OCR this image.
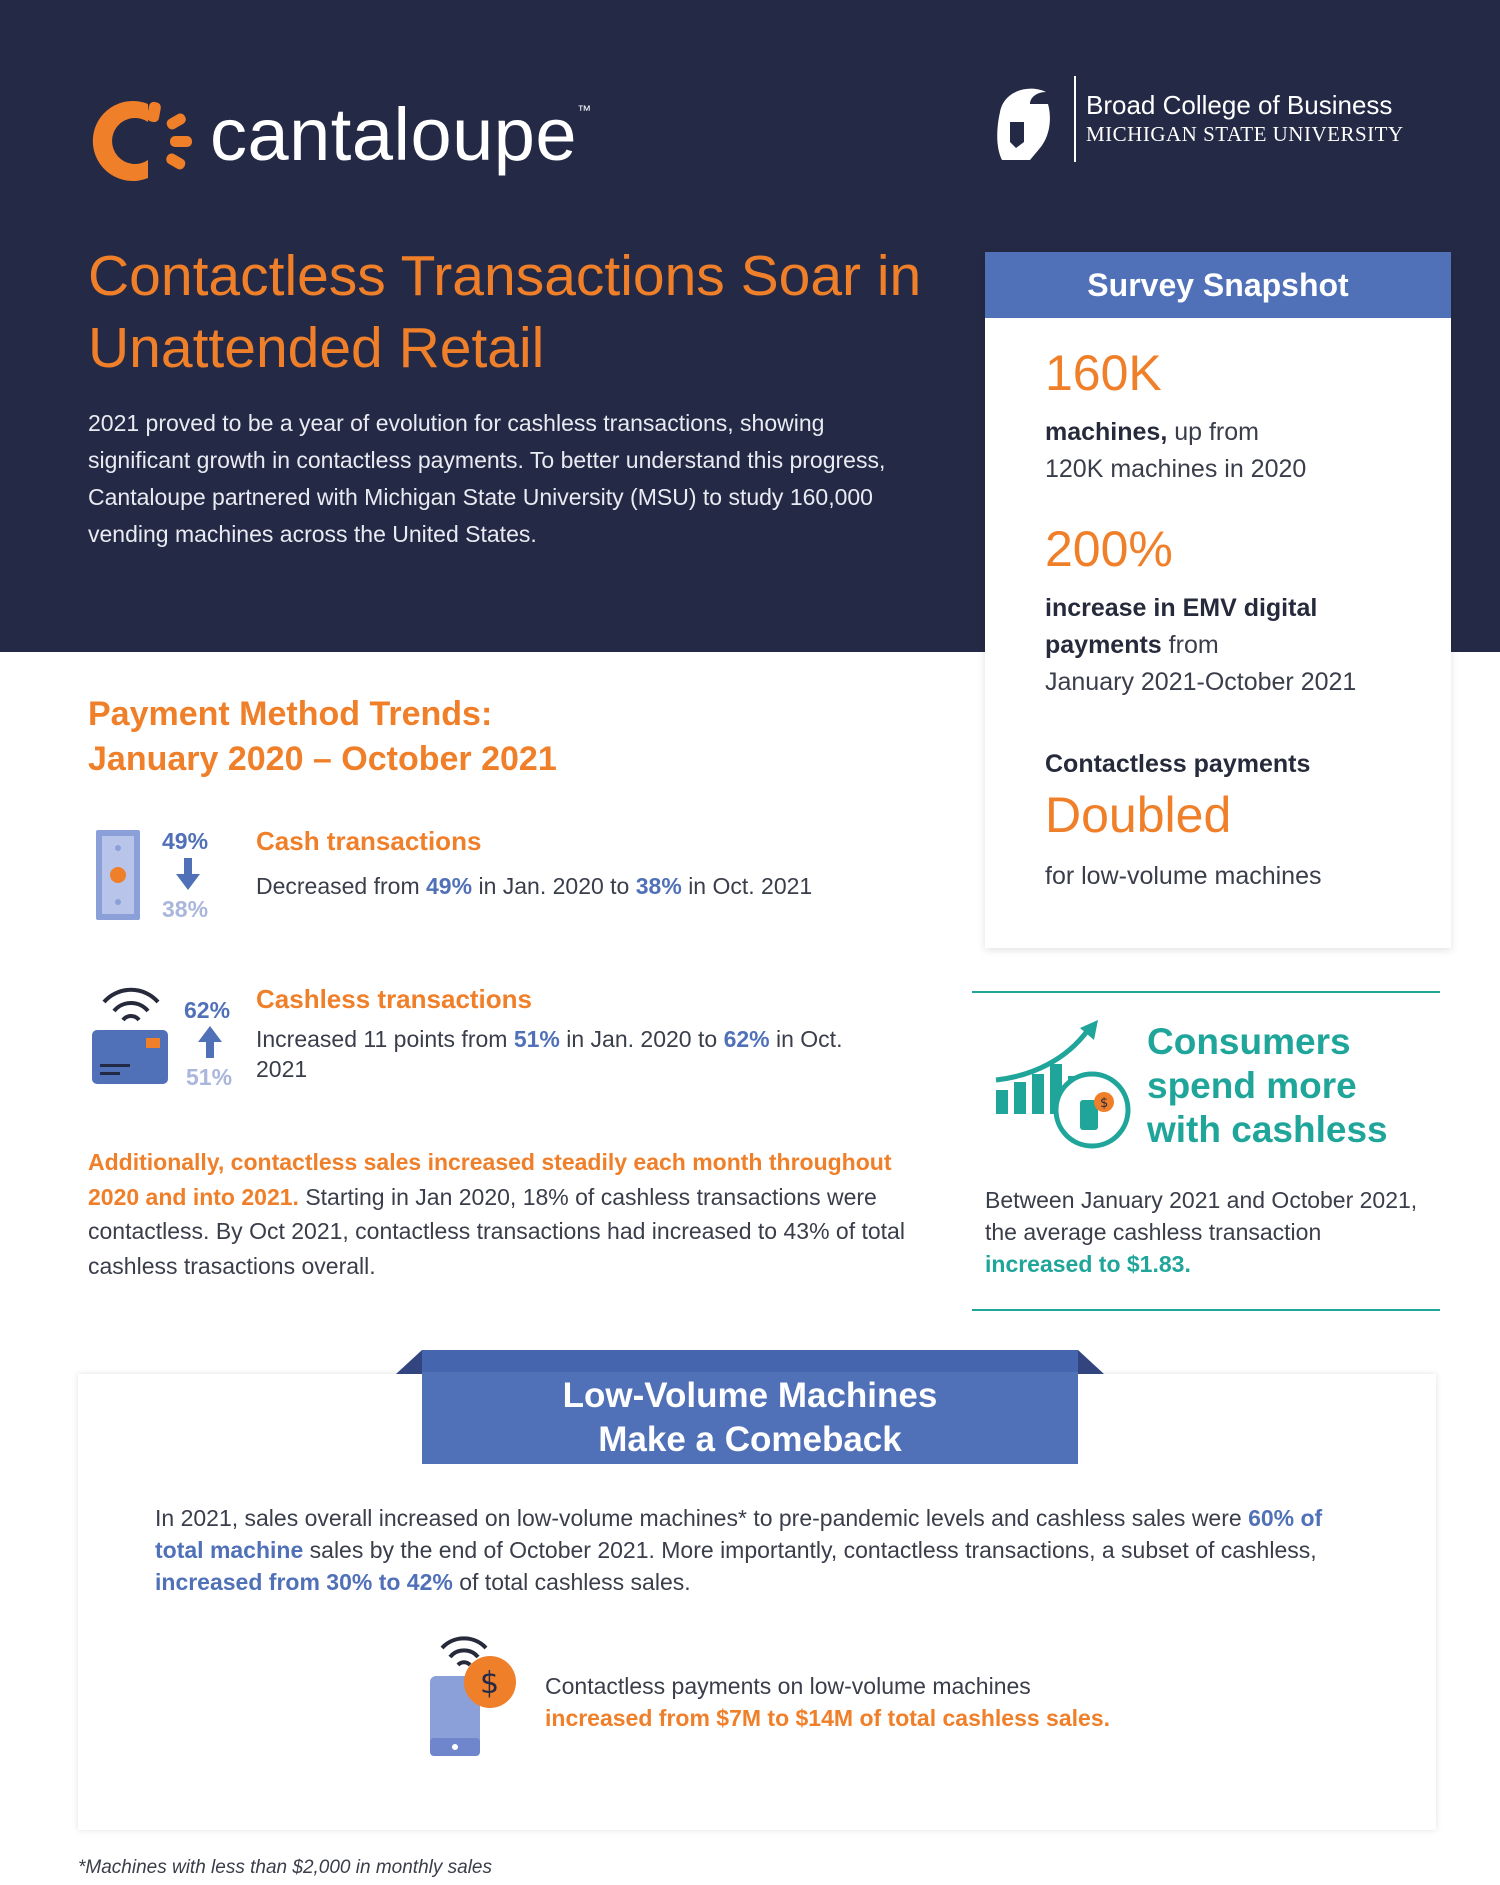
cantaloupe™	Broad College of Business
MICHIGAN STATE UNIVERSITY
Contactless Transactions Soar in Unattended Retail

2021 proved to be a year of evolution for cashless transactions, showing significant growth in contactless payments. To better understand this progress, Cantaloupe partnered with Michigan State University (MSU) to study 160,000 vending machines across the United States.

Survey Snapshot
160K

machines, up from
120K machines in 2020

200%

increase in EMV digital
payments from
January 2021-October 2021

Contactless payments
Doubled

for low-volume machines

Payment Method Trends:
January 2020 – October 2021
49%
38%

Cash transactions

Decreased from 49% in Jan. 2020 to 38% in Oct. 2021

62%
51%

Cashless transactions

Increased 11 points from 51% in Jan. 2020 to 62% in Oct. 2021

Additionally, contactless sales increased steadily each month throughout 2020 and into 2021. Starting in Jan 2020, 18% of cashless transactions were contactless. By Oct 2021, contactless transactions had increased to 43% of total cashless trasactions overall.

$
Consumers
spend more
with cashless

Between January 2021 and October 2021, the average cashless transaction increased to $1.83.

Low-Volume Machines
Make a Comeback

In 2021, sales overall increased on low-volume machines* to pre-pandemic levels and cashless sales were 60% of total machine sales by the end of October 2021. More importantly, contactless transactions, a subset of cashless, increased from 30% to 42% of total cashless sales.

$ Contactless payments on low-volume machines
increased from $7M to $14M of total cashless sales.

*Machines with less than $2,000 in monthly sales
